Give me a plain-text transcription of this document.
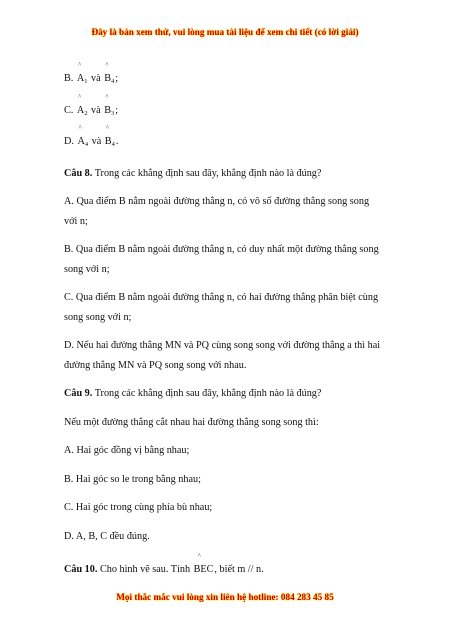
Đây là bản xem thử, vui lòng mua tài liệu để xem chi tiết (có lời giải)

B.
^
$A_1$ và
^
$B_4$;

C.
^
$A_2$ và
^
$B_3$;

D.
^
$A_4$ và
^
$B_4$.

Câu 8. Trong các khẳng định sau đây, khẳng định nào là đúng?

A. Qua điểm B nằm ngoài đường thẳng n, có vô số đường thẳng song song

với n;

B. Qua điểm B nằm ngoài đường thẳng n, có duy nhất một đường thẳng song

song với n;

C. Qua điểm B nằm ngoài đường thẳng n, có hai đường thẳng phân biệt cùng

song song với n;

D. Nếu hai đường thẳng MN và PQ cùng song song với đường thẳng a thì hai

đường thẳng MN và PQ song song với nhau.

Câu 9. Trong các khẳng định sau đây, khẳng định nào là đúng?

Nếu một đường thẳng cắt nhau hai đường thẳng song song thì:

A. Hai góc đồng vị bằng nhau;

B. Hai góc so le trong bằng nhau;

C. Hai góc trong cùng phía bù nhau;

D. A, B, C đều đúng.

Câu 10. Cho hình vẽ sau. Tính
^
BEC, biết m // n.

Mọi thắc mắc vui lòng xin liên hệ hotline: 084 283 45 85
